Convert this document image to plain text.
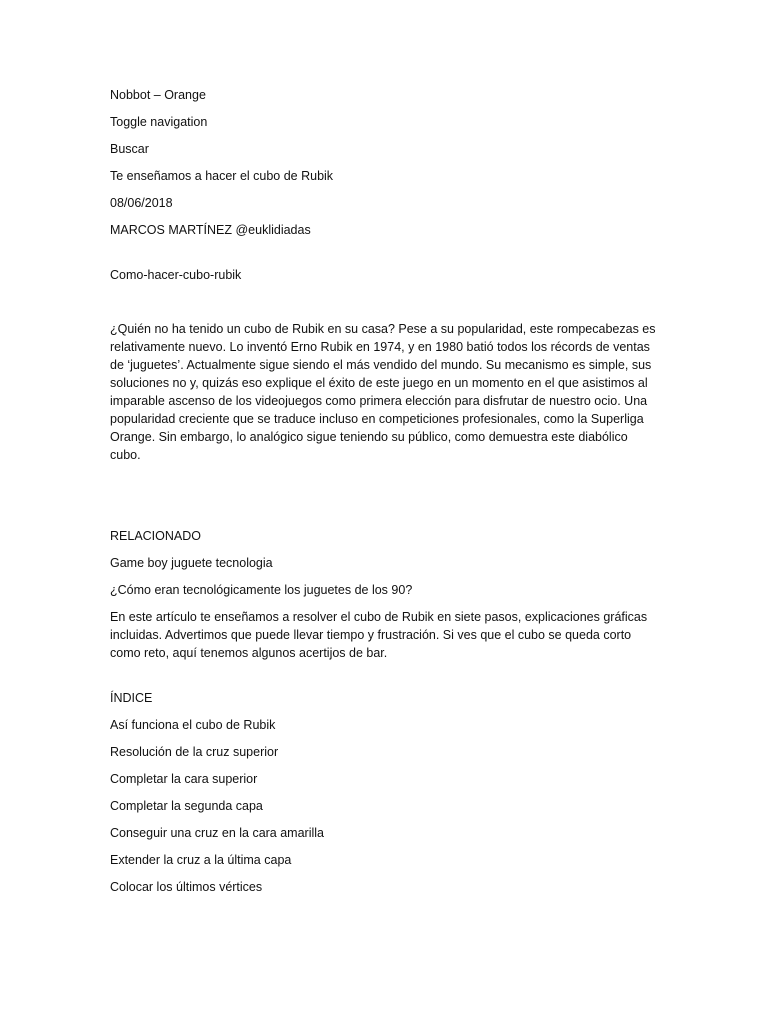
Nobbot – Orange

Toggle navigation

Buscar

Te enseñamos a hacer el cubo de Rubik

08/06/2018

MARCOS MARTÍNEZ @euklidiadas

Como-hacer-cubo-rubik

¿Quién no ha tenido un cubo de Rubik en su casa? Pese a su popularidad, este rompecabezas es relativamente nuevo. Lo inventó Erno Rubik en 1974, y en 1980 batió todos los récords de ventas de ‘juguetes’. Actualmente sigue siendo el más vendido del mundo. Su mecanismo es simple, sus soluciones no y, quizás eso explique el éxito de este juego en un momento en el que asistimos al imparable ascenso de los videojuegos como primera elección para disfrutar de nuestro ocio. Una popularidad creciente que se traduce incluso en competiciones profesionales, como la Superliga Orange. Sin embargo, lo analógico sigue teniendo su público, como demuestra este diabólico cubo.

RELACIONADO

Game boy juguete tecnologia

¿Cómo eran tecnológicamente los juguetes de los 90?

En este artículo te enseñamos a resolver el cubo de Rubik en siete pasos, explicaciones gráficas incluidas. Advertimos que puede llevar tiempo y frustración. Si ves que el cubo se queda corto como reto, aquí tenemos algunos acertijos de bar.

ÍNDICE

Así funciona el cubo de Rubik
Resolución de la cruz superior
Completar la cara superior
Completar la segunda capa
Conseguir una cruz en la cara amarilla
Extender la cruz a la última capa
Colocar los últimos vértices
